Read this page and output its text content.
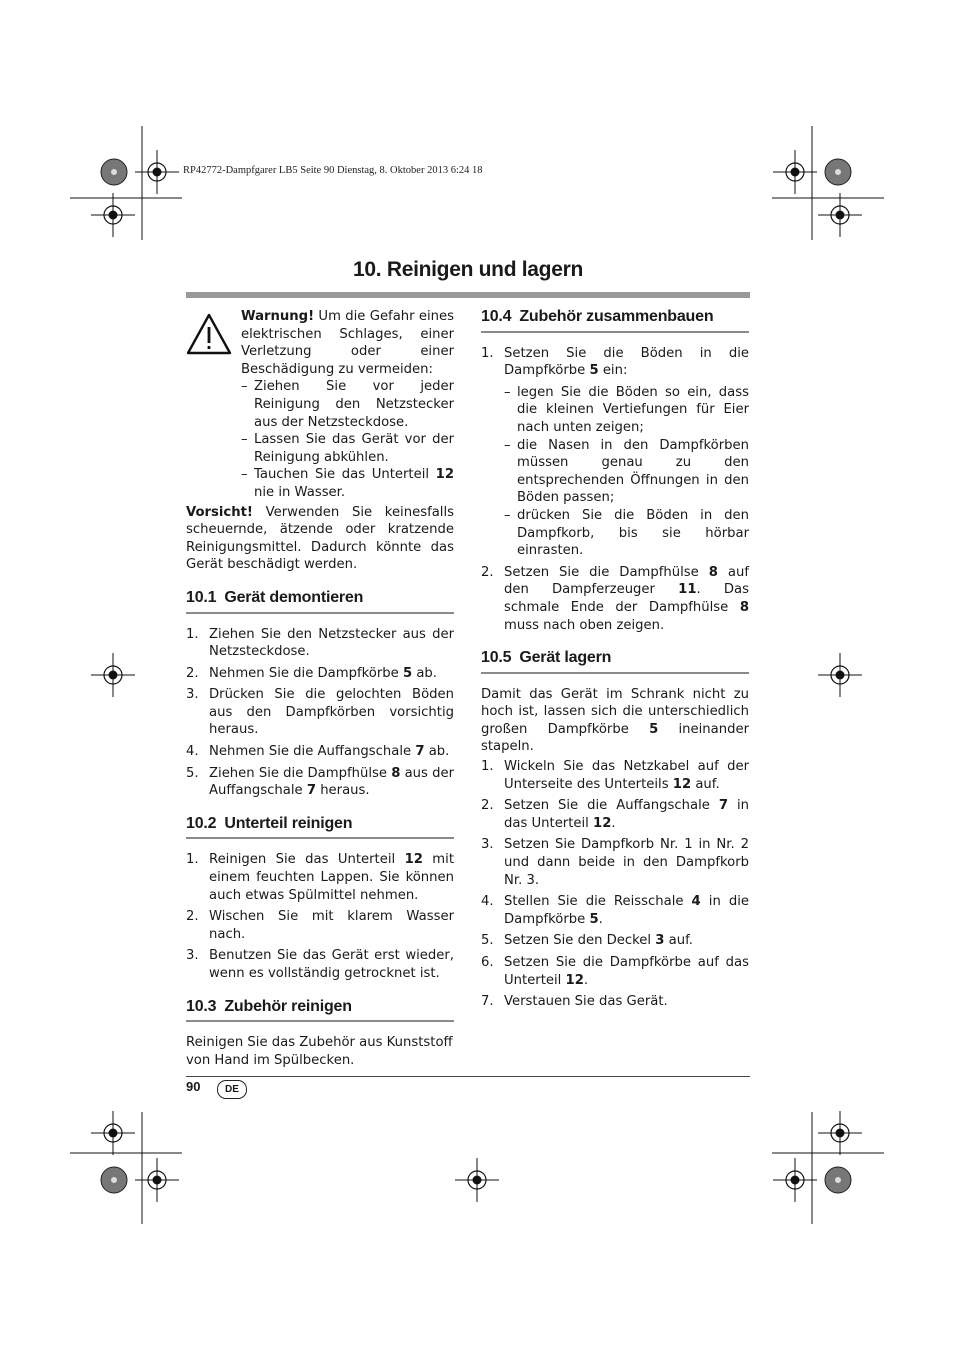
RP42772-Dampfgarer LB5 Seite 90 Dienstag, 8. Oktober 2013 6:24 18
10. Reinigen und lagern

Warnung! Um die Gefahr eines elektrischen Schlages, einer Verletzung oder einer Beschädigung zu vermeiden:

– Ziehen Sie vor jeder Reinigung den Netzstecker aus der Netzsteckdose.
– Lassen Sie das Gerät vor der Reinigung abkühlen.
– Tauchen Sie das Unterteil 12 nie in Wasser.

Vorsicht! Verwenden Sie keinesfalls scheuernde, ätzende oder kratzende Reinigungsmittel. Dadurch könnte das Gerät beschädigt werden.

10.1 Gerät demontieren
1. Ziehen Sie den Netzstecker aus der Netzsteckdose.
2. Nehmen Sie die Dampfkörbe 5 ab.
3. Drücken Sie die gelochten Böden aus den Dampfkörben vorsichtig heraus.
4. Nehmen Sie die Auffangschale 7 ab.
5. Ziehen Sie die Dampfhülse 8 aus der Auffangschale 7 heraus.
10.2 Unterteil reinigen
1. Reinigen Sie das Unterteil 12 mit einem feuchten Lappen. Sie können auch etwas Spülmittel nehmen.
2. Wischen Sie mit klarem Wasser nach.
3. Benutzen Sie das Gerät erst wieder, wenn es vollständig getrocknet ist.
10.3 Zubehör reinigen

Reinigen Sie das Zubehör aus Kunststoff von Hand im Spülbecken.

10.4 Zubehör zusammenbauen
1. Setzen Sie die Böden in die Dampfkörbe 5 ein:
– legen Sie die Böden so ein, dass die kleinen Vertiefungen für Eier nach unten zeigen;
– die Nasen in den Dampfkörben müssen genau zu den entsprechenden Öffnungen in den Böden passen;
– drücken Sie die Böden in den Dampfkorb, bis sie hörbar einrasten.
2. Setzen Sie die Dampfhülse 8 auf den Dampferzeuger 11. Das schmale Ende der Dampfhülse 8 muss nach oben zeigen.
10.5 Gerät lagern

Damit das Gerät im Schrank nicht zu hoch ist, lassen sich die unterschiedlich großen Dampfkörbe 5 ineinander stapeln.

1. Wickeln Sie das Netzkabel auf der Unterseite des Unterteils 12 auf.
2. Setzen Sie die Auffangschale 7 in das Unterteil 12.
3. Setzen Sie Dampfkorb Nr. 1 in Nr. 2 und dann beide in den Dampfkorb Nr. 3.
4. Stellen Sie die Reisschale 4 in die Dampfkörbe 5.
5. Setzen Sie den Deckel 3 auf.
6. Setzen Sie die Dampfkörbe auf das Unterteil 12.
7. Verstauen Sie das Gerät.
90	DE
